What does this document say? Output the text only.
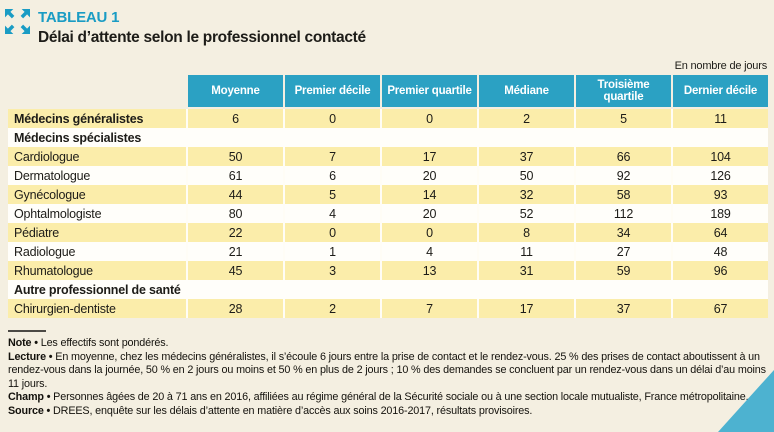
TABLEAU 1
Délai d’attente selon le professionnel contacté
En nombre de jours
	Moyenne	Premier décile	Premier quartile	Médiane	Troisième quartile	Dernier décile
Médecins généralistes	6	0	0	2	5	11
Médecins spécialistes						
Cardiologue	50	7	17	37	66	104
Dermatologue	61	6	20	50	92	126
Gynécologue	44	5	14	32	58	93
Ophtalmologiste	80	4	20	52	112	189
Pédiatre	22	0	0	8	34	64
Radiologue	21	1	4	11	27	48
Rhumatologue	45	3	13	31	59	96
Autre professionnel de santé						
Chirurgien-dentiste	28	2	7	17	37	67
Note • Les effectifs sont pondérés.
Lecture • En moyenne, chez les médecins généralistes, il s’écoule 6 jours entre la prise de contact et le rendez-vous. 25 % des prises de contact aboutissent à un rendez-vous dans la journée, 50 % en 2 jours ou moins et 50 % en plus de 2 jours ; 10 % des demandes se concluent par un rendez-vous dans un délai d’au moins 11 jours.
Champ • Personnes âgées de 20 à 71 ans en 2016, affiliées au régime général de la Sécurité sociale ou à une section locale mutualiste, France métropolitaine.
Source • DREES, enquête sur les délais d’attente en matière d’accès aux soins 2016-2017, résultats provisoires.
